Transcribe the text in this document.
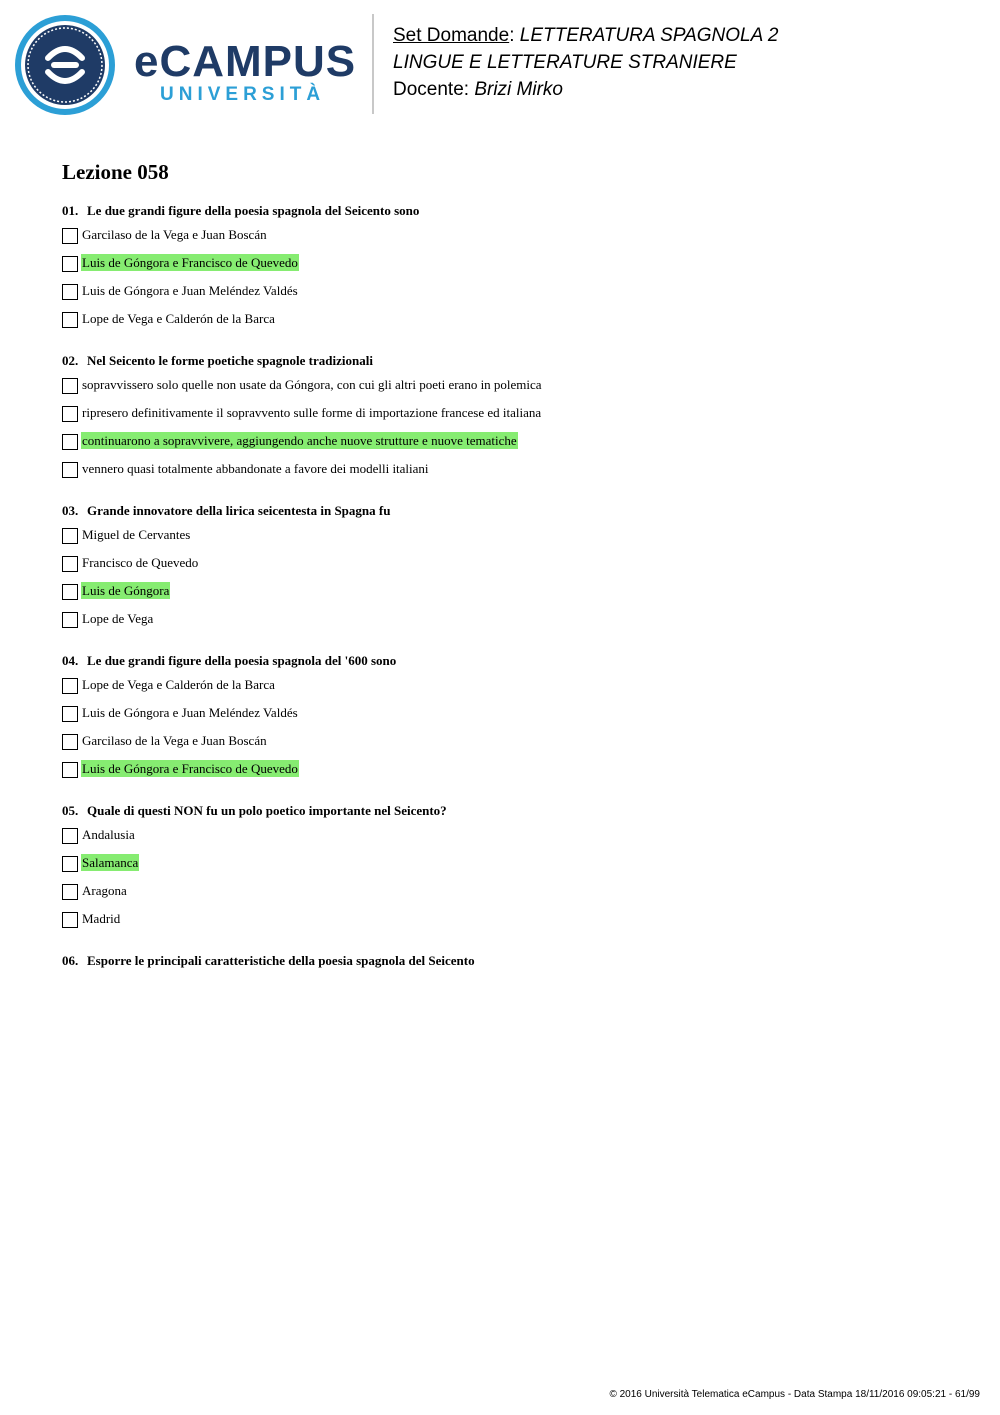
eCAMPUS
UNIVERSITÀ
Set Domande: LETTERATURA SPAGNOLA 2
LINGUE E LETTERATURE STRANIERE
Docente: Brizi Mirko
Lezione 058
01. Le due grandi figure della poesia spagnola del Seicento sono
Garcilaso de la Vega e Juan Boscán
Luis de Góngora e Francisco de Quevedo
Luis de Góngora e Juan Meléndez Valdés
Lope de Vega e Calderón de la Barca
02. Nel Seicento le forme poetiche spagnole tradizionali
sopravvissero solo quelle non usate da Góngora, con cui gli altri poeti erano in polemica
ripresero definitivamente il sopravvento sulle forme di importazione francese ed italiana
continuarono a sopravvivere, aggiungendo anche nuove strutture e nuove tematiche
vennero quasi totalmente abbandonate a favore dei modelli italiani
03. Grande innovatore della lirica seicentesta in Spagna fu
Miguel de Cervantes
Francisco de Quevedo
Luis de Góngora
Lope de Vega
04. Le due grandi figure della poesia spagnola del '600 sono
Lope de Vega e Calderón de la Barca
Luis de Góngora e Juan Meléndez Valdés
Garcilaso de la Vega e Juan Boscán
Luis de Góngora e Francisco de Quevedo
05. Quale di questi NON fu un polo poetico importante nel Seicento?
Andalusia
Salamanca
Aragona
Madrid
06. Esporre le principali caratteristiche della poesia spagnola del Seicento
© 2016 Università Telematica eCampus - Data Stampa 18/11/2016 09:05:21 - 61/99
